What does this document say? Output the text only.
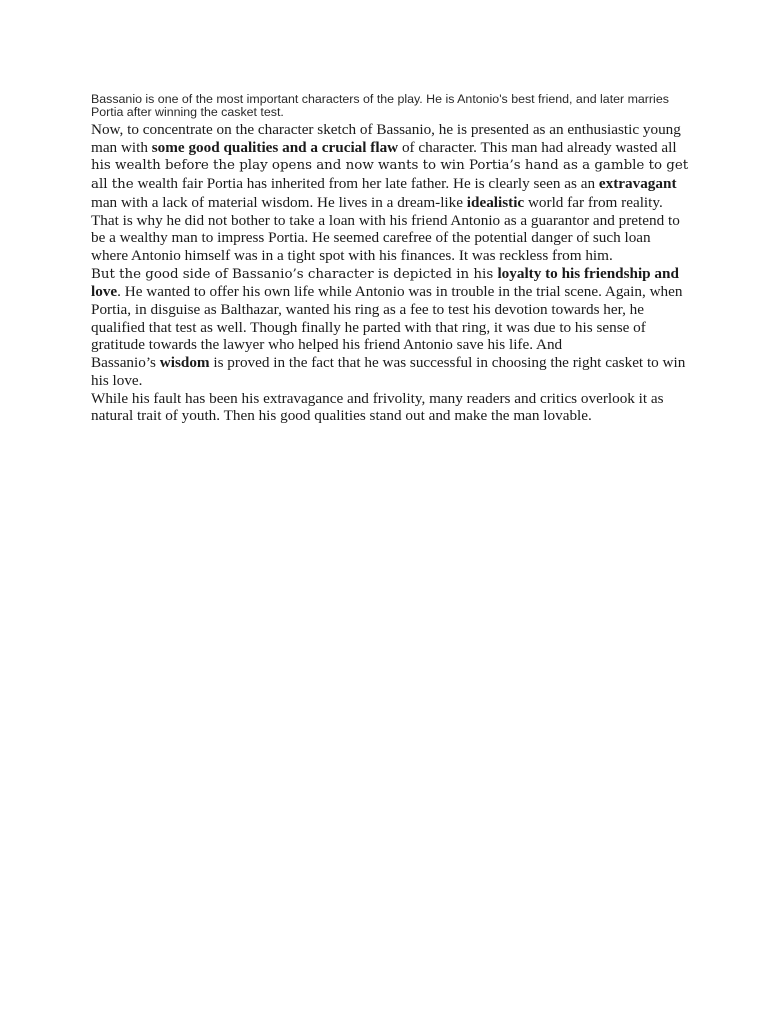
Bassanio is one of the most important characters of the play. He is Antonio's best friend, and later marries Portia after winning the casket test.

Now, to concentrate on the character sketch of Bassanio, he is presented as an enthusiastic young man with some good qualities and a crucial flaw of character. This man had already wasted all his wealth before the play opens and now wants to win Portia’s hand as a gamble to get all the wealth fair Portia has inherited from her late father. He is clearly seen as an extravagant man with a lack of material wisdom. He lives in a dream-like idealistic world far from reality. That is why he did not bother to take a loan with his friend Antonio as a guarantor and pretend to be a wealthy man to impress Portia. He seemed carefree of the potential danger of such loan where Antonio himself was in a tight spot with his finances. It was reckless from him.

But the good side of Bassanio’s character is depicted in his loyalty to his friendship and love. He wanted to offer his own life while Antonio was in trouble in the trial scene. Again, when Portia, in disguise as Balthazar, wanted his ring as a fee to test his devotion towards her, he qualified that test as well. Though finally he parted with that ring, it was due to his sense of gratitude towards the lawyer who helped his friend Antonio save his life. And

Bassanio’s wisdom is proved in the fact that he was successful in choosing the right casket to win his love.

While his fault has been his extravagance and frivolity, many readers and critics overlook it as natural trait of youth. Then his good qualities stand out and make the man lovable.
